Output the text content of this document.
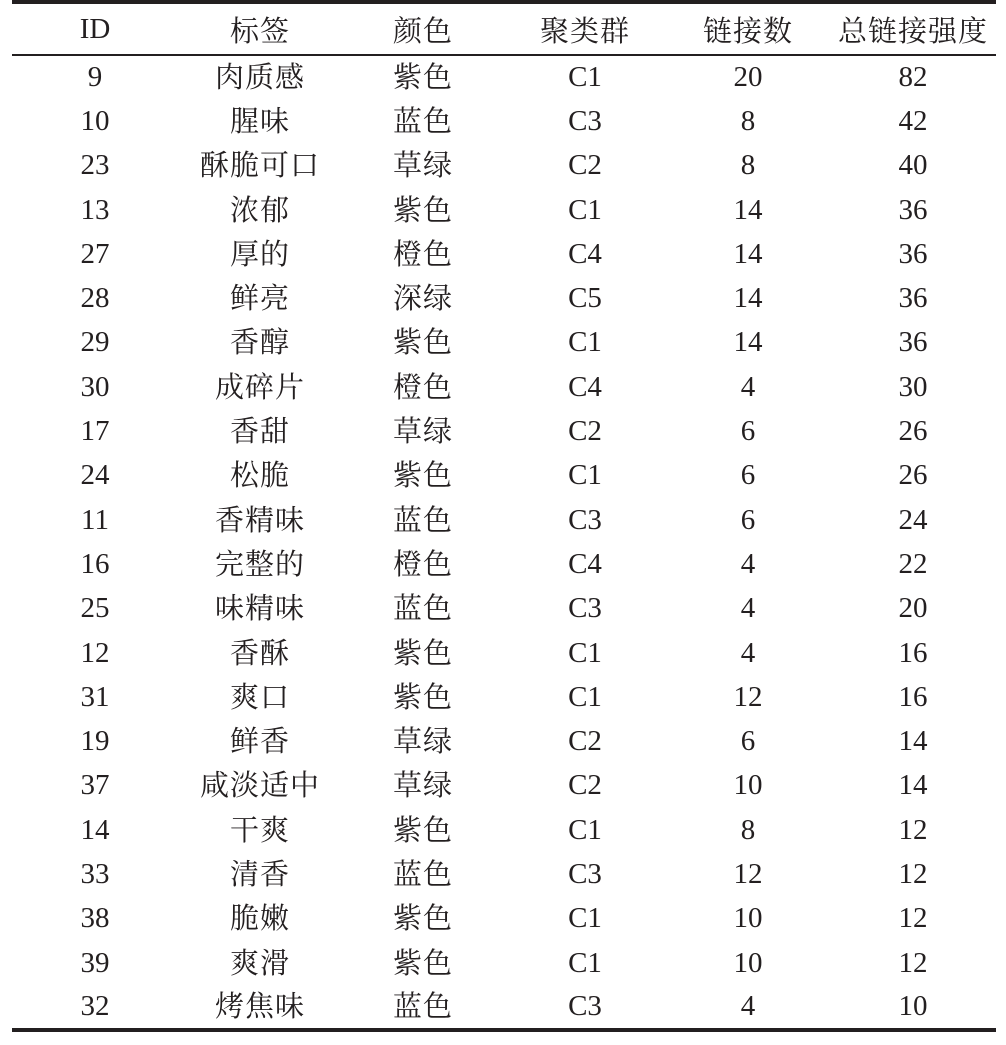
ID	标签	颜色	聚类群	链接数	总链接强度
9	肉质感	紫色	C1	20	82
10	腥味	蓝色	C3	8	42
23	酥脆可口	草绿	C2	8	40
13	浓郁	紫色	C1	14	36
27	厚的	橙色	C4	14	36
28	鲜亮	深绿	C5	14	36
29	香醇	紫色	C1	14	36
30	成碎片	橙色	C4	4	30
17	香甜	草绿	C2	6	26
24	松脆	紫色	C1	6	26
11	香精味	蓝色	C3	6	24
16	完整的	橙色	C4	4	22
25	味精味	蓝色	C3	4	20
12	香酥	紫色	C1	4	16
31	爽口	紫色	C1	12	16
19	鲜香	草绿	C2	6	14
37	咸淡适中	草绿	C2	10	14
14	干爽	紫色	C1	8	12
33	清香	蓝色	C3	12	12
38	脆嫩	紫色	C1	10	12
39	爽滑	紫色	C1	10	12
32	烤焦味	蓝色	C3	4	10
